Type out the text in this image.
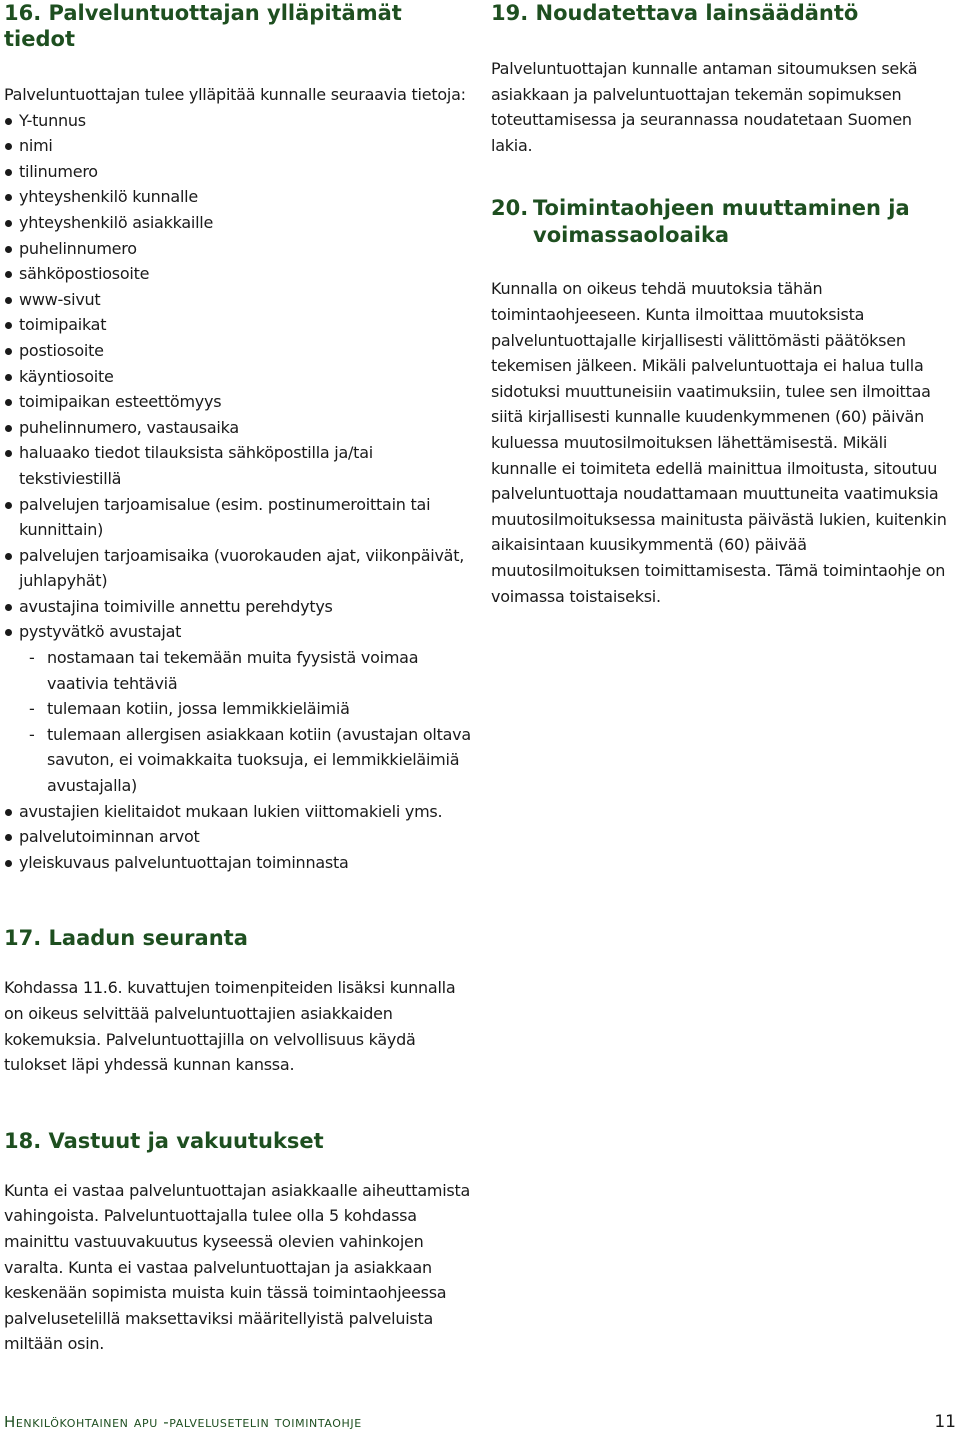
16. Palveluntuottajan ylläpitämät tiedot

Palveluntuottajan tulee ylläpitää kunnalle seuraavia tietoja:

Y-tunnus
nimi
tilinumero
yhteyshenkilö kunnalle
yhteyshenkilö asiakkaille
puhelinnumero
sähköpostiosoite
www-sivut
toimipaikat
postiosoite
käyntiosoite
toimipaikan esteettömyys
puhelinnumero, vastausaika
haluaako tiedot tilauksista sähköpostilla ja/tai tekstiviestillä
palvelujen tarjoamisalue (esim. postinumeroittain tai kunnittain)
palvelujen tarjoamisaika (vuorokauden ajat, viikonpäivät, juhlapyhät)
avustajina toimiville annettu perehdytys
pystyvätkö avustajat
- nostamaan tai tekemään muita fyysistä voimaa vaativia tehtäviä
- tulemaan kotiin, jossa lemmikkieläimiä
- tulemaan allergisen asiakkaan kotiin (avustajan oltava savuton, ei voimakkaita tuoksuja, ei lemmikkieläimiä avustajalla)
avustajien kielitaidot mukaan lukien viittomakieli yms.
palvelutoiminnan arvot
yleiskuvaus palveluntuottajan toiminnasta
17. Laadun seuranta

Kohdassa 11.6. kuvattujen toimenpiteiden lisäksi kunnalla on oikeus selvittää palveluntuottajien asiakkaiden kokemuksia. Palveluntuottajilla on velvollisuus käydä tulokset läpi yhdessä kunnan kanssa.

18. Vastuut ja vakuutukset

Kunta ei vastaa palveluntuottajan asiakkaalle aiheuttamista vahingoista. Palveluntuottajalla tulee olla 5 kohdassa mainittu vastuuvakuutus kyseessä olevien vahinkojen varalta. Kunta ei vastaa palveluntuottajan ja asiakkaan keskenään sopimista muista kuin tässä toimintaohjeessa palvelusetelillä maksettaviksi määritellyistä palveluista miltään osin.

19. Noudatettava lainsäädäntö

Palveluntuottajan kunnalle antaman sitoumuksen sekä asiakkaan ja palveluntuottajan tekemän sopimuksen toteuttamisessa ja seurannassa noudatetaan Suomen lakia.

20. Toimintaohjeen muuttaminen ja voimassaoloaika

Kunnalla on oikeus tehdä muutoksia tähän toimintaohjeeseen. Kunta ilmoittaa muutoksista palveluntuottajalle kirjallisesti välittömästi päätöksen tekemisen jälkeen. Mikäli palveluntuottaja ei halua tulla sidotuksi muuttuneisiin vaatimuksiin, tulee sen ilmoittaa siitä kirjallisesti kunnalle kuudenkymmenen (60) päivän kuluessa muutosilmoituksen lähettämisestä. Mikäli kunnalle ei toimiteta edellä mainittua ilmoitusta, sitoutuu palveluntuottaja noudattamaan muuttuneita vaatimuksia muutosilmoituksessa mainitusta päivästä lukien, kuitenkin aikaisintaan kuusikymmentä (60) päivää muutosilmoituksen toimittamisesta. Tämä toimintaohje on voimassa toistaiseksi.

Henkilökohtainen apu -palvelusetelin toimintaohje	11
